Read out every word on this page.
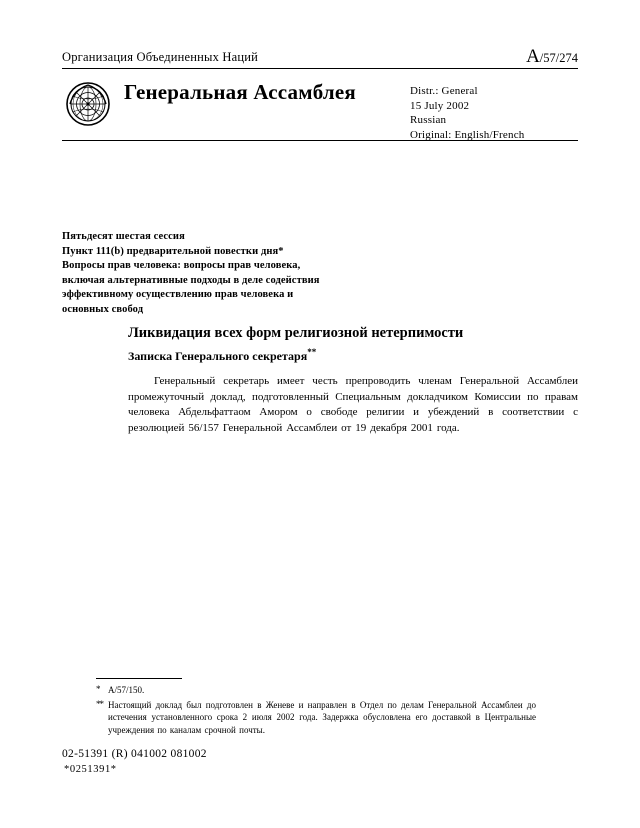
Организация Объединенных Наций	A/57/274
Генеральная Ассамблея	Distr.: General
15 July 2002
Russian
Original: English/French
Пятьдесят шестая сессия
Пункт 111(b) предварительной повестки дня*
Вопросы прав человека: вопросы прав человека,
включая альтернативные подходы в деле содействия
эффективному осуществлению прав человека и
основных свобод
Ликвидация всех форм религиозной нетерпимости
Записка Генерального секретаря**
Генеральный секретарь имеет честь препроводить членам Генеральной Ассамблеи промежуточный доклад, подготовленный Специальным докладчиком Комиссии по правам человека Абдельфаттаом Амором о свободе религии и убеждений в соответствии с резолюцией 56/157 Генеральной Ассамблеи от 19 декабря 2001 года.
* A/57/150.
** Настоящий доклад был подготовлен в Женеве и направлен в Отдел по делам Генеральной Ассамблеи до истечения установленного срока 2 июля 2002 года. Задержка обусловлена его доставкой в Центральные учреждения по каналам срочной почты.
02-51391 (R) 041002 081002
*0251391*
